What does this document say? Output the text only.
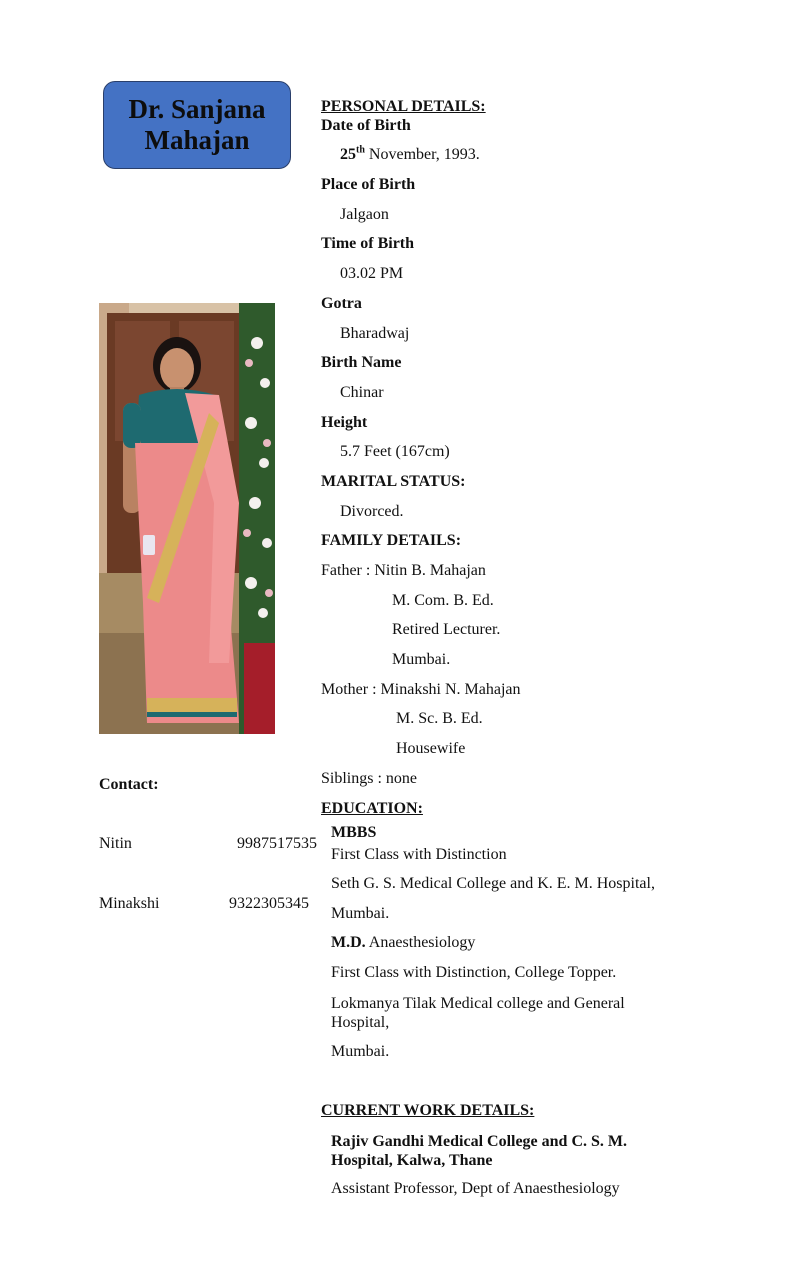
Dr. Sanjana Mahajan
PERSONAL DETAILS:
Date of Birth
25th November, 1993.
Place of Birth
Jalgaon
Time of Birth
03.02 PM
Gotra
Bharadwaj
Birth Name
Chinar
Height
5.7 Feet (167cm)
MARITAL STATUS:
Divorced.
FAMILY DETAILS:
Father : Nitin B. Mahajan
M. Com. B. Ed.
Retired Lecturer.
Mumbai.
Mother : Minakshi N. Mahajan
M. Sc. B. Ed.
Housewife
Siblings : none
EDUCATION:
MBBS
First Class with Distinction
Seth G. S. Medical College and K. E. M. Hospital,
Mumbai.
M.D. Anaesthesiology
First Class with Distinction, College Topper.
Lokmanya Tilak Medical college and General Hospital,
Mumbai.
CURRENT WORK DETAILS:
Rajiv Gandhi Medical College and C. S. M. Hospital, Kalwa, Thane
Assistant Professor, Dept of Anaesthesiology
Contact:
Nitin	9987517535
Minakshi	9322305345
